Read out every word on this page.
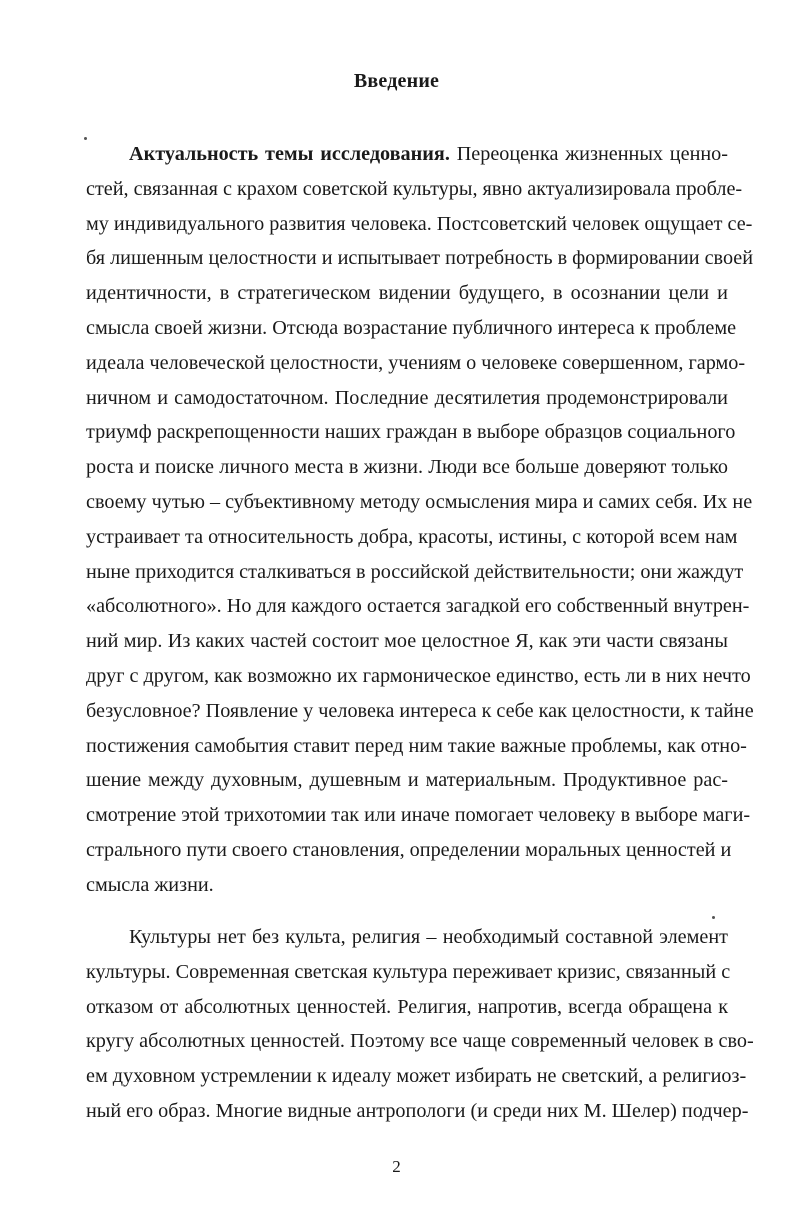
Введение
Актуальность темы исследования. Переоценка жизненных ценно-
стей, связанная с крахом советской культуры, явно актуализировала пробле-
му индивидуального развития человека. Постсоветский человек ощущает се-
бя лишенным целостности и испытывает потребность в формировании своей
идентичности, в стратегическом видении будущего, в осознании цели и
смысла своей жизни. Отсюда возрастание публичного интереса к проблеме
идеала человеческой целостности, учениям о человеке совершенном, гармо-
ничном и самодостаточном. Последние десятилетия продемонстрировали
триумф раскрепощенности наших граждан в выборе образцов социального
роста и поиске личного места в жизни. Люди все больше доверяют только
своему чутью – субъективному методу осмысления мира и самих себя. Их не
устраивает та относительность добра, красоты, истины, с которой всем нам
ныне приходится сталкиваться в российской действительности; они жаждут
«абсолютного». Но для каждого остается загадкой его собственный внутрен-
ний мир. Из каких частей состоит мое целостное Я, как эти части связаны
друг с другом, как возможно их гармоническое единство, есть ли в них нечто
безусловное? Появление у человека интереса к себе как целостности, к тайне
постижения самобытия ставит перед ним такие важные проблемы, как отно-
шение между духовным, душевным и материальным. Продуктивное рас-
смотрение этой трихотомии так или иначе помогает человеку в выборе маги-
стрального пути своего становления, определении моральных ценностей и
смысла жизни.
Культуры нет без культа, религия – необходимый составной элемент
культуры. Современная светская культура переживает кризис, связанный с
отказом от абсолютных ценностей. Религия, напротив, всегда обращена к
кругу абсолютных ценностей. Поэтому все чаще современный человек в сво-
ем духовном устремлении к идеалу может избирать не светский, а религиоз-
ный его образ. Многие видные антропологи (и среди них М. Шелер) подчер-
2
